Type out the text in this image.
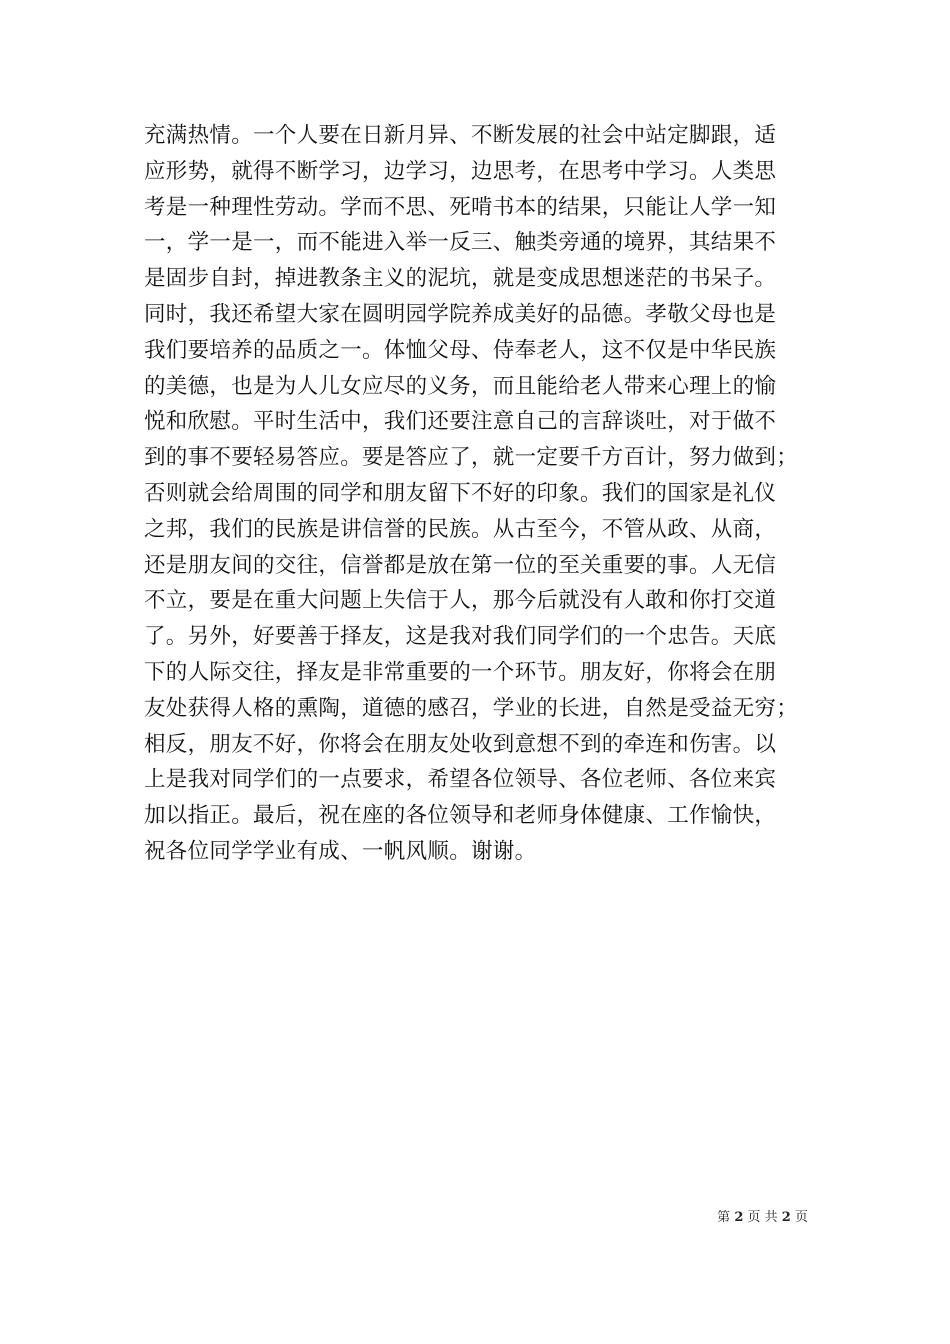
充满热情。一个人要在日新月异、不断发展的社会中站定脚跟，适
应形势，就得不断学习，边学习，边思考，在思考中学习。人类思
考是一种理性劳动。学而不思、死啃书本的结果，只能让人学一知
一，学一是一，而不能进入举一反三、触类旁通的境界，其结果不
是固步自封，掉进教条主义的泥坑，就是变成思想迷茫的书呆子。
同时，我还希望大家在圆明园学院养成美好的品德。孝敬父母也是
我们要培养的品质之一。体恤父母、侍奉老人，这不仅是中华民族
的美德，也是为人儿女应尽的义务，而且能给老人带来心理上的愉
悦和欣慰。平时生活中，我们还要注意自己的言辞谈吐，对于做不
到的事不要轻易答应。要是答应了，就一定要千方百计，努力做到；
否则就会给周围的同学和朋友留下不好的印象。我们的国家是礼仪
之邦，我们的民族是讲信誉的民族。从古至今，不管从政、从商，
还是朋友间的交往，信誉都是放在第一位的至关重要的事。人无信
不立，要是在重大问题上失信于人，那今后就没有人敢和你打交道
了。另外，好要善于择友，这是我对我们同学们的一个忠告。天底
下的人际交往，择友是非常重要的一个环节。朋友好，你将会在朋
友处获得人格的熏陶，道德的感召，学业的长进，自然是受益无穷；
相反，朋友不好，你将会在朋友处收到意想不到的牵连和伤害。以
上是我对同学们的一点要求，希望各位领导、各位老师、各位来宾
加以指正。最后，祝在座的各位领导和老师身体健康、工作愉快，
祝各位同学学业有成、一帆风顺。谢谢。
第 2 页 共 2 页
